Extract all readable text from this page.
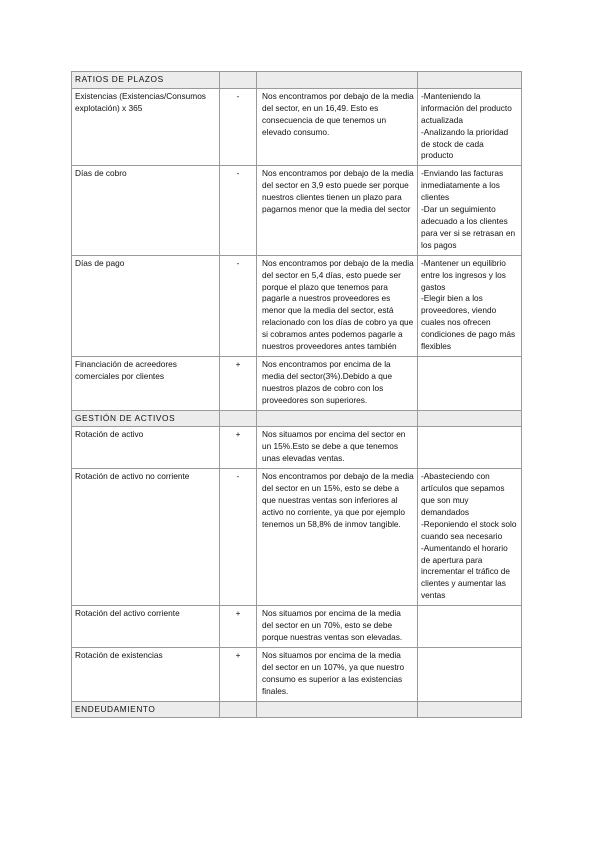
RATIOS DE PLAZOS			
Existencias (Existencias/Consumos explotación) x 365	-	Nos encontramos por debajo de la media del sector, en un 16,49. Esto es consecuencia de que tenemos un elevado consumo.	-Manteniendo la información del producto actualizada
-Analizando la prioridad de stock de cada producto

Días de cobro	-	Nos encontramos por debajo de la media del sector en 3,9 esto puede ser porque nuestros clientes tienen un plazo para pagarnos menor que la media del sector	-Enviando las facturas inmediatamente a los clientes
-Dar un seguimiento adecuado a los clientes para ver si se retrasan en los pagos

Días de pago	-	Nos encontramos por debajo de la media del sector en 5,4 días, esto puede ser porque el plazo que tenemos para pagarle a nuestros proveedores es menor que la media del sector, está relacionado con los días de cobro ya que si cobramos antes podemos pagarle a nuestros proveedores antes también	-Mantener un equilibrio entre los ingresos y los gastos
-Elegir bien a los proveedores, viendo cuales nos ofrecen condiciones de pago más flexibles

Financiación de acreedores comerciales por clientes	+	Nos encontramos por encima de la media del sector(3%).Debido a que nuestros plazos de cobro con los proveedores son superiores.	
GESTIÓN DE ACTIVOS			
Rotación de activo	+	Nos situamos por encima del sector en un 15%.Esto se debe a que tenemos unas elevadas ventas.	
Rotación de activo no corriente	-	Nos encontramos por debajo de la media del sector en un 15%, esto se debe a que nuestras ventas son inferiores al activo no corriente, ya que por ejemplo tenemos un 58,8% de inmov tangible.	-Abasteciendo con artículos que sepamos que son muy demandados
-Reponiendo el stock solo cuando sea necesario
-Aumentando el horario de apertura para incrementar el tráfico de clientes y aumentar las ventas

Rotación del activo corriente	+	Nos situamos por encima de la media del sector en un 70%, esto se debe porque nuestras ventas son elevadas.	
Rotación de existencias	+	Nos situamos por encima de la media del sector en un 107%, ya que nuestro consumo es superior a las existencias finales.	
ENDEUDAMIENTO			
